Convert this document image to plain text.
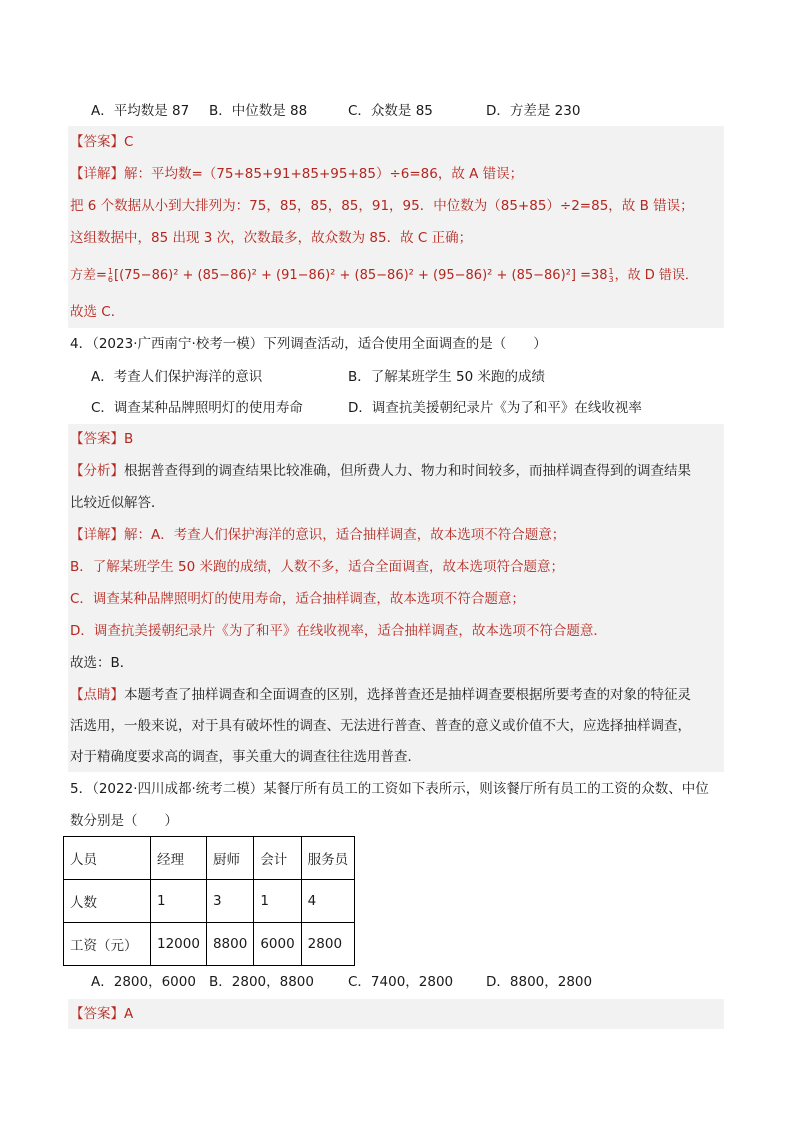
A．平均数是 87 B．中位数是 88	C．众数是 85	D．方差是 230
【答案】C
【详解】解：平均数=（75+85+91+85+95+85）÷6=86，故 A 错误；
把 6 个数据从小到大排列为：75，85，85，85，91，95．中位数为（85+85）÷2=85，故 B 错误；
这组数据中，85 出现 3 次，次数最多，故众数为 85．故 C 正确；
方差= 1
6 [(75−86)² + (85−86)² + (91−86)² + (85−86)² + (95−86)² + (85−86)²] =38 1
3 ，故 D 错误．
故选 C．
4．（2023·广西南宁·校考一模）下列调查活动，适合使用全面调查的是（　　）
A．考查人们保护海洋的意识	B．了解某班学生 50 米跑的成绩
C．调查某种品牌照明灯的使用寿命	D．调查抗美援朝纪录片《为了和平》在线收视率
【答案】B
【分析】根据普查得到的调查结果比较准确，但所费人力、物力和时间较多，而抽样调查得到的调查结果
比较近似解答．
【详解】解：A．考查人们保护海洋的意识，适合抽样调查，故本选项不符合题意；
B．了解某班学生 50 米跑的成绩，人数不多，适合全面调查，故本选项符合题意；
C．调查某种品牌照明灯的使用寿命，适合抽样调查，故本选项不符合题意；
D．调查抗美援朝纪录片《为了和平》在线收视率，适合抽样调查，故本选项不符合题意．
故选：B．
【点睛】本题考查了抽样调查和全面调查的区别，选择普查还是抽样调查要根据所要考查的对象的特征灵
活选用，一般来说，对于具有破坏性的调查、无法进行普查、普查的意义或价值不大，应选择抽样调查，
对于精确度要求高的调查，事关重大的调查往往选用普查．
5．（2022·四川成都·统考二模）某餐厅所有员工的工资如下表所示，则该餐厅所有员工的工资的众数、中位
数分别是（　　）
人员	经理	厨师	会计	服务员
人数	1	3	1	4
工资（元）	12000	8800	6000	2800
A．2800，6000 B．2800，8800	C．7400，2800 D．8800，2800
【答案】A
